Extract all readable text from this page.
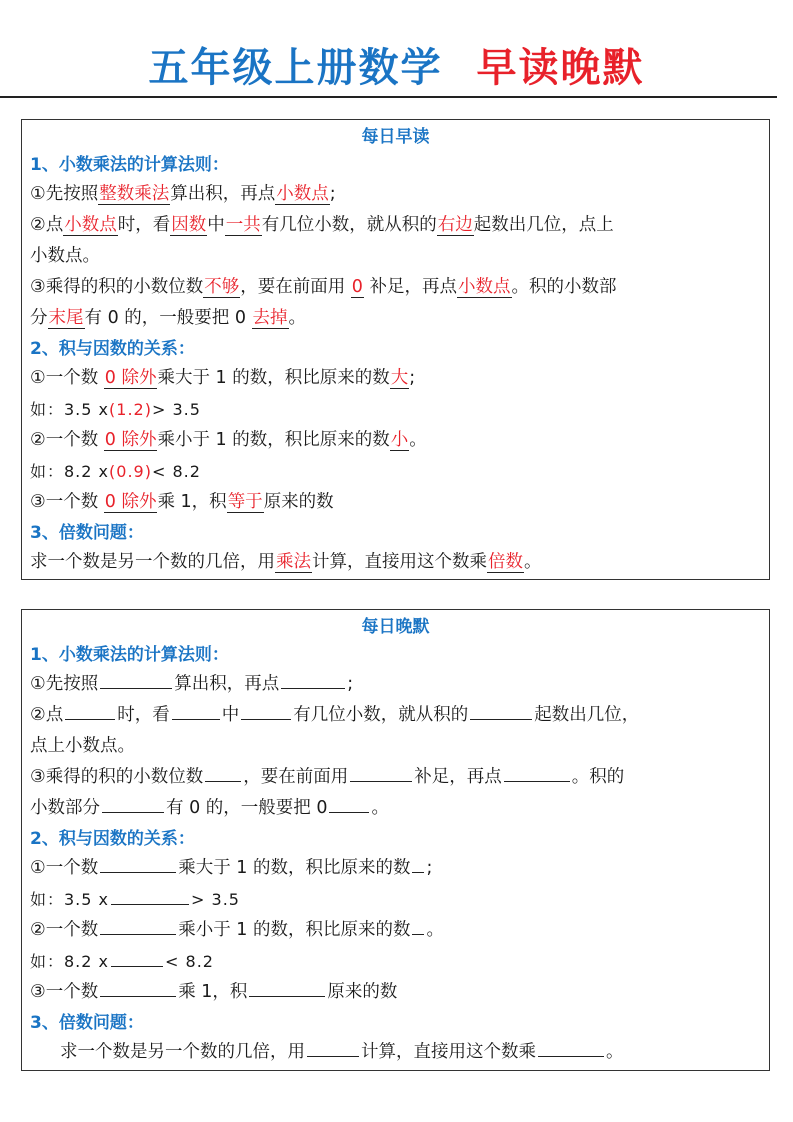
五年级上册数学 早读晚默
每日早读
1、小数乘法的计算法则：
①先按照整数乘法算出积，再点小数点;
②点小数点时，看因数中一共有几位小数，就从积的右边起数出几位，点上
小数点。
③乘得的积的小数位数不够，要在前面用 0 补足，再点小数点。积的小数部
分末尾有 0 的，一般要把 0 去掉。
2、积与因数的关系：
①一个数 0 除外乘大于 1 的数，积比原来的数大;
如：3.5 x(1.2)> 3.5
②一个数 0 除外乘小于 1 的数，积比原来的数小。
如：8.2 x(0.9)< 8.2
③一个数 0 除外乘 1，积等于原来的数
3、倍数问题：
求一个数是另一个数的几倍，用乘法计算，直接用这个数乘倍数。
每日晚默
1、小数乘法的计算法则：
①先按照	算出积，再点	;
②点	时，看	中	有几位小数，就从积的	起数出几位，
点上小数点。
③乘得的积的小数位数 ，要在前面用	补足，再点	。积的
小数部分	有 0 的，一般要把 0	。
2、积与因数的关系：
①一个数	乘大于 1 的数，积比原来的数 ;
如：3.5 x	> 3.5
②一个数	乘小于 1 的数，积比原来的数 。
如：8.2 x	< 8.2
③一个数	乘 1，积	原来的数
3、倍数问题：
求一个数是另一个数的几倍，用	计算，直接用这个数乘	。
